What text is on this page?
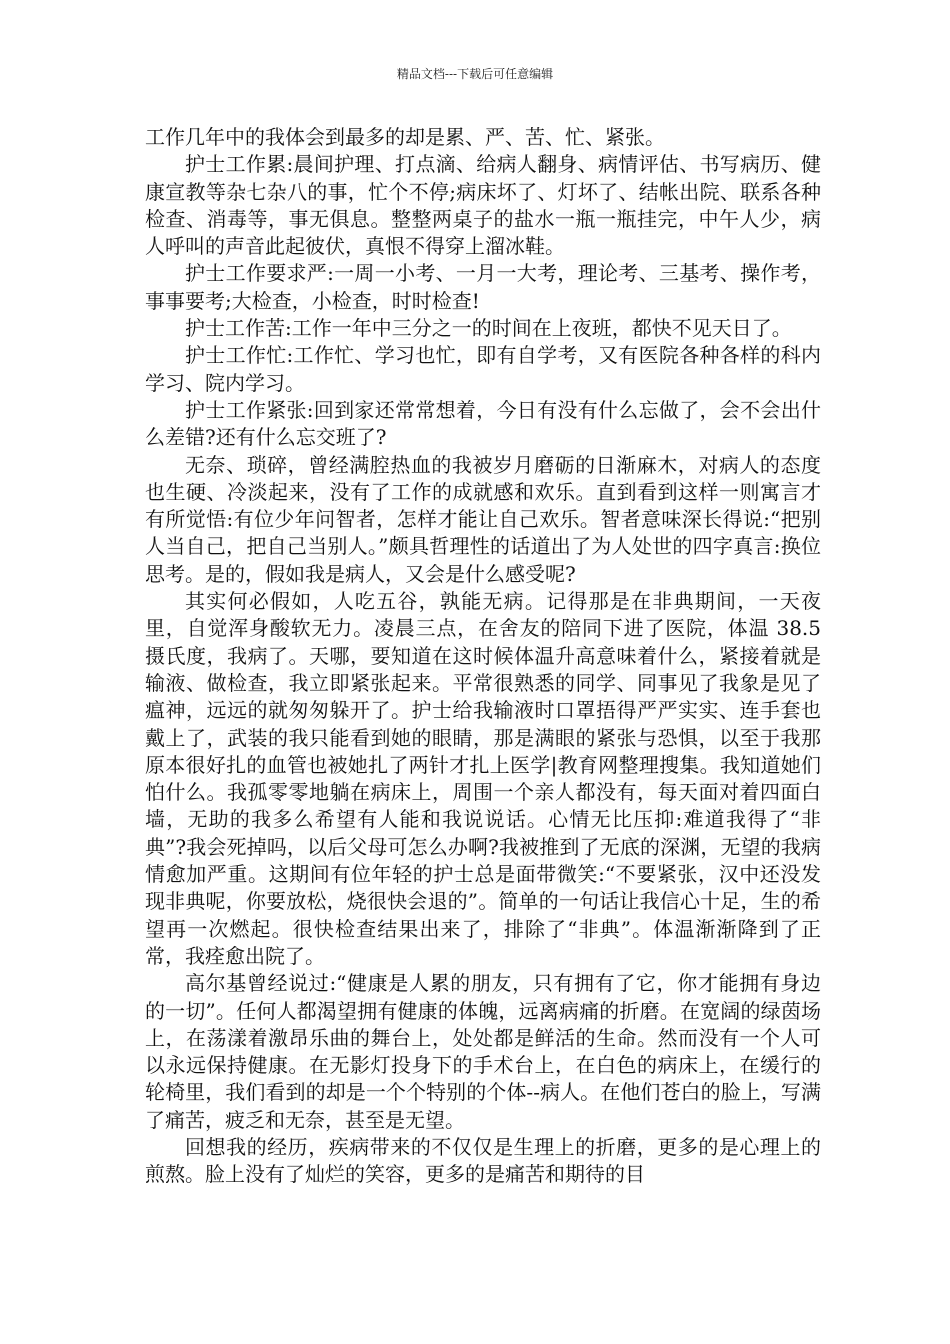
精品文档---下载后可任意编辑

工作几年中的我体会到最多的却是累、严、苦、忙、紧张。

护士工作累:晨间护理、打点滴、给病人翻身、病情评估、书写病历、健康宣教等杂七杂八的事，忙个不停;病床坏了、灯坏了、结帐出院、联系各种检查、消毒等，事无俱息。整整两桌子的盐水一瓶一瓶挂完，中午人少，病人呼叫的声音此起彼伏，真恨不得穿上溜冰鞋。

护士工作要求严:一周一小考、一月一大考，理论考、三基考、操作考，事事要考;大检查，小检查，时时检查!

护士工作苦:工作一年中三分之一的时间在上夜班，都快不见天日了。

护士工作忙:工作忙、学习也忙，即有自学考，又有医院各种各样的科内学习、院内学习。

护士工作紧张:回到家还常常想着，今日有没有什么忘做了，会不会出什么差错?还有什么忘交班了?

无奈、琐碎，曾经满腔热血的我被岁月磨砺的日渐麻木，对病人的态度也生硬、冷淡起来，没有了工作的成就感和欢乐。直到看到这样一则寓言才有所觉悟:有位少年问智者，怎样才能让自己欢乐。智者意味深长得说:“把别人当自己，把自己当别人。”颇具哲理性的话道出了为人处世的四字真言:换位思考。是的，假如我是病人，又会是什么感受呢?

其实何必假如，人吃五谷，孰能无病。记得那是在非典期间，一天夜里，自觉浑身酸软无力。凌晨三点，在舍友的陪同下进了医院，体温 38.5 摄氏度，我病了。天哪，要知道在这时候体温升高意味着什么，紧接着就是输液、做检查，我立即紧张起来。平常很熟悉的同学、同事见了我象是见了瘟神，远远的就匆匆躲开了。护士给我输液时口罩捂得严严实实、连手套也戴上了，武装的我只能看到她的眼睛，那是满眼的紧张与恐惧，以至于我那原本很好扎的血管也被她扎了两针才扎上医学|教育网整理搜集。我知道她们怕什么。我孤零零地躺在病床上，周围一个亲人都没有，每天面对着四面白墙，无助的我多么希望有人能和我说说话。心情无比压抑:难道我得了“非典”?我会死掉吗，以后父母可怎么办啊?我被推到了无底的深渊，无望的我病情愈加严重。这期间有位年轻的护士总是面带微笑:“不要紧张，汉中还没发现非典呢，你要放松，烧很快会退的”。简单的一句话让我信心十足，生的希望再一次燃起。很快检查结果出来了，排除了“非典”。体温渐渐降到了正常，我痊愈出院了。

高尔基曾经说过:“健康是人累的朋友，只有拥有了它，你才能拥有身边的一切”。任何人都渴望拥有健康的体魄，远离病痛的折磨。在宽阔的绿茵场上，在荡漾着激昂乐曲的舞台上，处处都是鲜活的生命。然而没有一个人可以永远保持健康。在无影灯投身下的手术台上，在白色的病床上，在缓行的轮椅里，我们看到的却是一个个特别的个体--病人。在他们苍白的脸上，写满了痛苦，疲乏和无奈，甚至是无望。

回想我的经历，疾病带来的不仅仅是生理上的折磨，更多的是心理上的煎熬。脸上没有了灿烂的笑容，更多的是痛苦和期待的目
